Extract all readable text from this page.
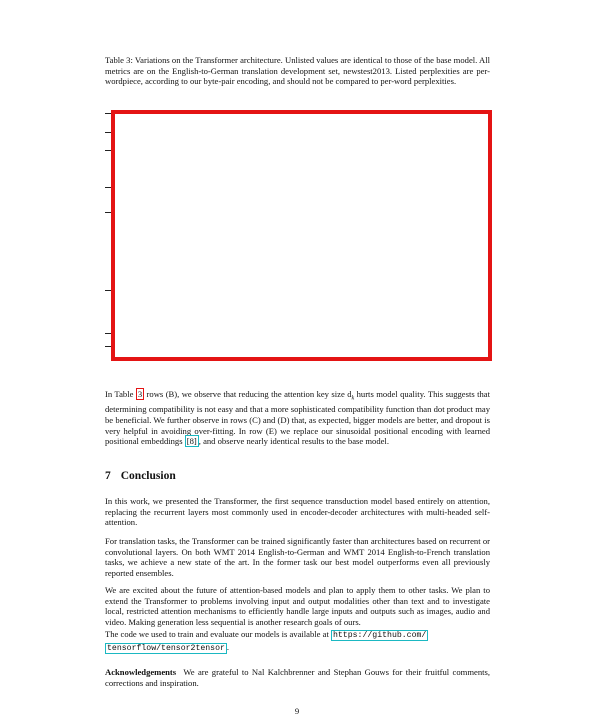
Table 3: Variations on the Transformer architecture. Unlisted values are identical to those of the base model. All metrics are on the English-to-German translation development set, newstest2013. Listed perplexities are per-wordpiece, according to our byte-pair encoding, and should not be compared to per-word perplexities.

In Table 3 rows (B), we observe that reducing the attention key size $d_k$ hurts model quality. This suggests that determining compatibility is not easy and that a more sophisticated compatibility function than dot product may be beneficial. We further observe in rows (C) and (D) that, as expected, bigger models are better, and dropout is very helpful in avoiding over-fitting. In row (E) we replace our sinusoidal positional encoding with learned positional embeddings [8] , and observe nearly identical results to the base model.

7 Conclusion

In this work, we presented the Transformer, the first sequence transduction model based entirely on attention, replacing the recurrent layers most commonly used in encoder-decoder architectures with multi-headed self-attention.

For translation tasks, the Transformer can be trained significantly faster than architectures based on recurrent or convolutional layers. On both WMT 2014 English-to-German and WMT 2014 English-to-French translation tasks, we achieve a new state of the art. In the former task our best model outperforms even all previously reported ensembles.

We are excited about the future of attention-based models and plan to apply them to other tasks. We plan to extend the Transformer to problems involving input and output modalities other than text and to investigate local, restricted attention mechanisms to efficiently handle large inputs and outputs such as images, audio and video. Making generation less sequential is another research goals of ours.

The code we used to train and evaluate our models is available at https://github.com/
tensorflow/tensor2tensor .

Acknowledgements We are grateful to Nal Kalchbrenner and Stephan Gouws for their fruitful comments, corrections and inspiration.

9
